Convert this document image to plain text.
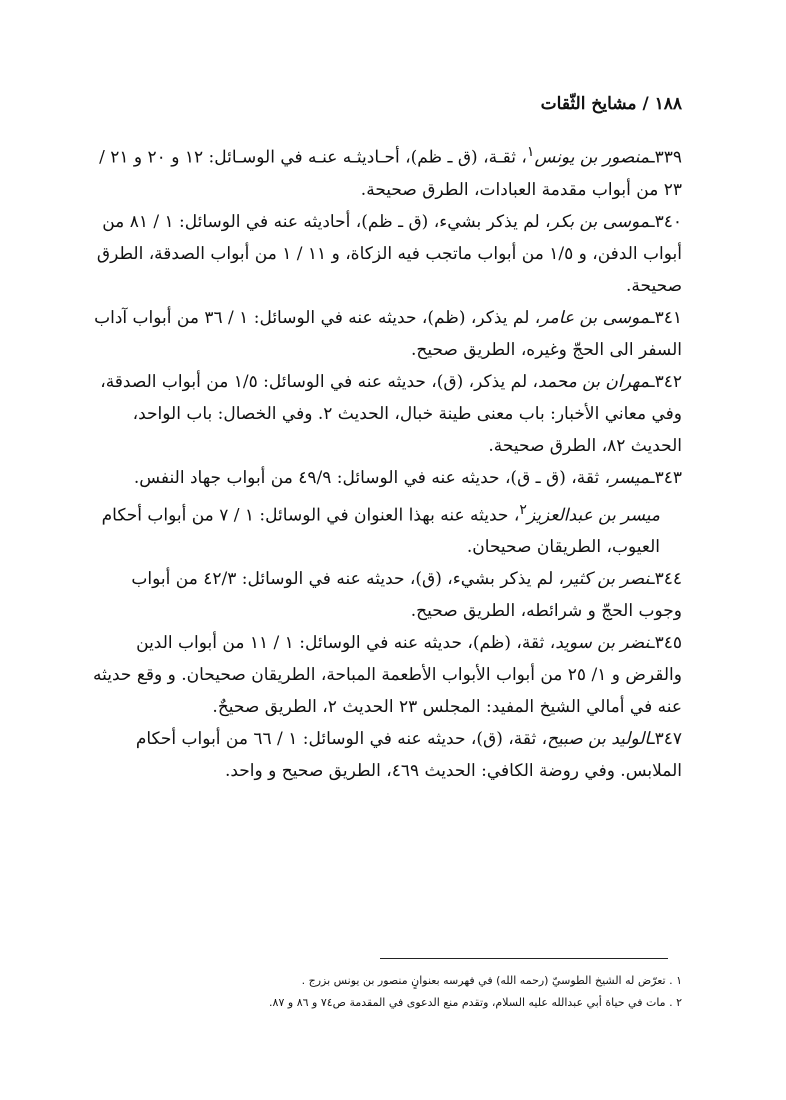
١٨٨ / مشايخ الثّقات

٣٣٩ـمنصور بن يونس$^١$، ثقـة، (ق ـ ظم)، أحـاديثـه عنـه في الوسـائل: ١٢ و ٢٠ و ٢١ / ٢٣ من أبواب مقدمة العبادات، الطرق صحيحة.

٣٤٠ـموسى بن بكر، لم يذكر بشيء، (ق ـ ظم)، أحاديثه عنه في الوسائل: ١ / ٨١ من أبواب الدفن، و ١/٥ من أبواب ماتجب فيه الزكاة، و ١١ / ١ من أبواب الصدقة، الطرق صحيحة.

٣٤١ـموسى بن عامر، لم يذكر، (ظم)، حديثه عنه في الوسائل: ١ / ٣٦ من أبواب آداب السفر الى الحجّ وغيره، الطريق صحيح.

٣٤٢ـمهران بن محمد، لم يذكر، (ق)، حديثه عنه في الوسائل: ١/٥ من أبواب الصدقة، وفي معاني الأخبار: باب معنى طينة خبال، الحديث ٢. وفي الخصال: باب الواحد، الحديث ٨٢، الطرق صحيحة.

٣٤٣ـميسر، ثقة، (ق ـ ق)، حديثه عنه في الوسائل: ٤٩/٩ من أبواب جهاد النفس.

ميسر بن عبدالعزيز$^٢$، حديثه عنه بهذا العنوان في الوسائل: ١ / ٧ من أبواب أحكام العيوب، الطريقان صحيحان.

٣٤٤ـنصر بن كثير، لم يذكر بشيء، (ق)، حديثه عنه في الوسائل: ٤٢/٣ من أبواب وجوب الحجّ و شرائطه، الطريق صحيح.

٣٤٥ـنضر بن سويد، ثقة، (ظم)، حديثه عنه في الوسائل: ١ / ١١ من أبواب الدين والقرض و ١/ ٢٥ من أبواب الأبواب الأطعمة المباحة، الطريقان صحيحان. و وقع حديثه عنه في أمالي الشيخ المفيد: المجلس ٢٣ الحديث ٢، الطريق صحيحٌ.

٣٤٧ـالوليد بن صبيح، ثقة، (ق)، حديثه عنه في الوسائل: ١ / ٦٦ من أبواب أحكام الملابس. وفي روضة الكافي: الحديث ٤٦٩، الطريق صحيح و واحد.

١ . تعرّض له الشيخ الطوسيّ (رحمه الله) في فهرسه بعنوانٍ منصور بن يونس بزرج .
٢ . مات في حياة أبي عبدالله عليه السلام، وتقدم منع الدعوى في المقدمة ص٧٤ و ٨٦ و ٨٧.
